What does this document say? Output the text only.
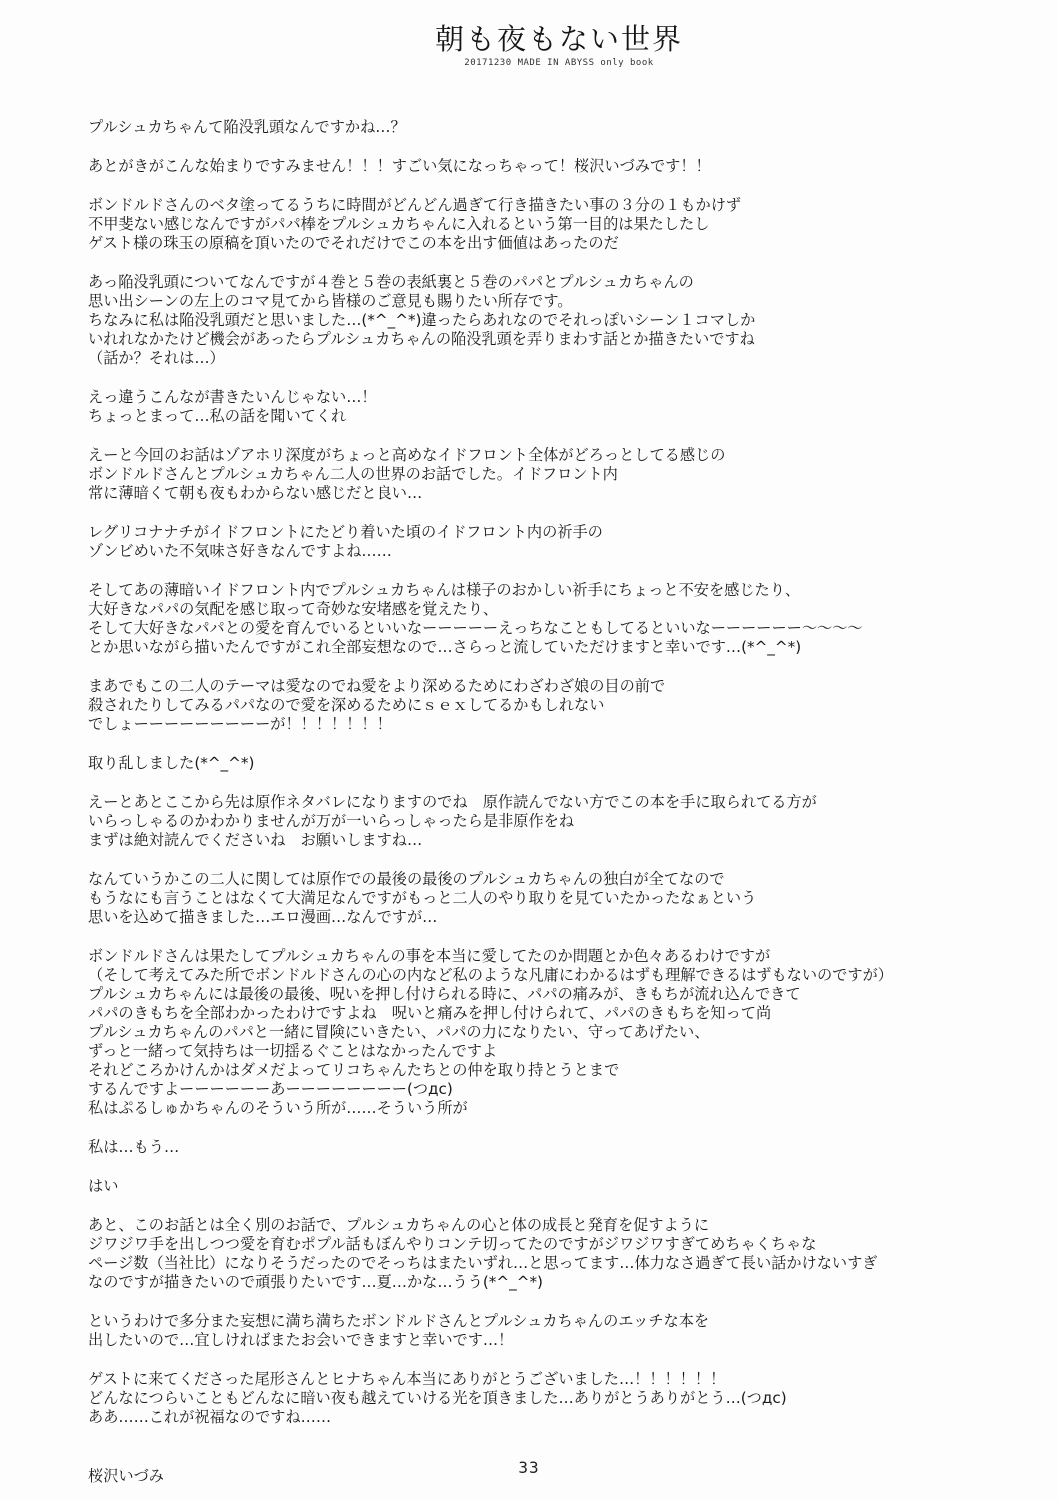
朝も夜もない世界
20171230 MADE IN ABYSS only book
プルシュカちゃんて陥没乳頭なんですかね…？
あとがきがこんな始まりですみません！！！すごい気になっちゃって！桜沢いづみです！！
ボンドルドさんのベタ塗ってるうちに時間がどんどん過ぎて行き描きたい事の３分の１もかけず
不甲斐ない感じなんですがパパ棒をプルシュカちゃんに入れるという第一目的は果たしたし
ゲスト様の珠玉の原稿を頂いたのでそれだけでこの本を出す価値はあったのだ
あっ陥没乳頭についてなんですが４巻と５巻の表紙裏と５巻のパパとプルシュカちゃんの
思い出シーンの左上のコマ見てから皆様のご意見も賜りたい所存です。
ちなみに私は陥没乳頭だと思いました…(*^_^*)違ったらあれなのでそれっぽいシーン１コマしか
いれれなかたけど機会があったらプルシュカちゃんの陥没乳頭を弄りまわす話とか描きたいですね
（話か？それは…）
えっ違うこんなが書きたいんじゃない…！
ちょっとまって…私の話を聞いてくれ
えーと今回のお話はゾアホリ深度がちょっと高めなイドフロント全体がどろっとしてる感じの
ボンドルドさんとプルシュカちゃん二人の世界のお話でした。イドフロント内
常に薄暗くて朝も夜もわからない感じだと良い…
レグリコナナチがイドフロントにたどり着いた頃のイドフロント内の祈手の
ゾンビめいた不気味さ好きなんですよね……
そしてあの薄暗いイドフロント内でプルシュカちゃんは様子のおかしい祈手にちょっと不安を感じたり、
大好きなパパの気配を感じ取って奇妙な安堵感を覚えたり、
そして大好きなパパとの愛を育んでいるといいなーーーーーえっちなこともしてるといいなーーーーーー～～～～
とか思いながら描いたんですがこれ全部妄想なので…さらっと流していただけますと幸いです…(*^_^*)
まあでもこの二人のテーマは愛なのでね愛をより深めるためにわざわざ娘の目の前で
殺されたりしてみるパパなので愛を深めるためにｓｅｘしてるかもしれない
でしょーーーーーーーーーが！！！！！！！
取り乱しました(*^_^*)
えーとあとここから先は原作ネタバレになりますのでね　原作読んでない方でこの本を手に取られてる方が
いらっしゃるのかわかりませんが万が一いらっしゃったら是非原作をね
まずは絶対読んでくださいね　お願いしますね…
なんていうかこの二人に関しては原作での最後の最後のプルシュカちゃんの独白が全てなので
もうなにも言うことはなくて大満足なんですがもっと二人のやり取りを見ていたかったなぁという
思いを込めて描きました…エロ漫画…なんですが…
ボンドルドさんは果たしてプルシュカちゃんの事を本当に愛してたのか問題とか色々あるわけですが
（そして考えてみた所でボンドルドさんの心の内など私のような凡庸にわかるはずも理解できるはずもないのですが）
プルシュカちゃんには最後の最後、呪いを押し付けられる時に、パパの痛みが、きもちが流れ込んできて
パパのきもちを全部わかったわけですよね　呪いと痛みを押し付けられて、パパのきもちを知って尚
プルシュカちゃんのパパと一緒に冒険にいきたい、パパの力になりたい、守ってあげたい、
ずっと一緒って気持ちは一切揺るぐことはなかったんですよ
それどころかけんかはダメだよってリコちゃんたちとの仲を取り持とうとまで
するんですよーーーーーーあーーーーーーーー(つдc)
私はぷるしゅかちゃんのそういう所が……そういう所が
私は…もう…
はい
あと、このお話とは全く別のお話で、プルシュカちゃんの心と体の成長と発育を促すように
ジワジワ手を出しつつ愛を育むポプル話もぼんやりコンテ切ってたのですがジワジワすぎてめちゃくちゃな
ページ数（当社比）になりそうだったのでそっちはまたいずれ…と思ってます…体力なさ過ぎて長い話かけないすぎ
なのですが描きたいので頑張りたいです…夏…かな…うう(*^_^*)
というわけで多分また妄想に満ち満ちたボンドルドさんとプルシュカちゃんのエッチな本を
出したいので…宜しければまたお会いできますと幸いです…！
ゲストに来てくださった尾形さんとヒナちゃん本当にありがとうございました…！！！！！！
どんなにつらいこともどんなに暗い夜も越えていける光を頂きました…ありがとうありがとう…(つдc)
ああ……これが祝福なのですね……
桜沢いづみ	33
